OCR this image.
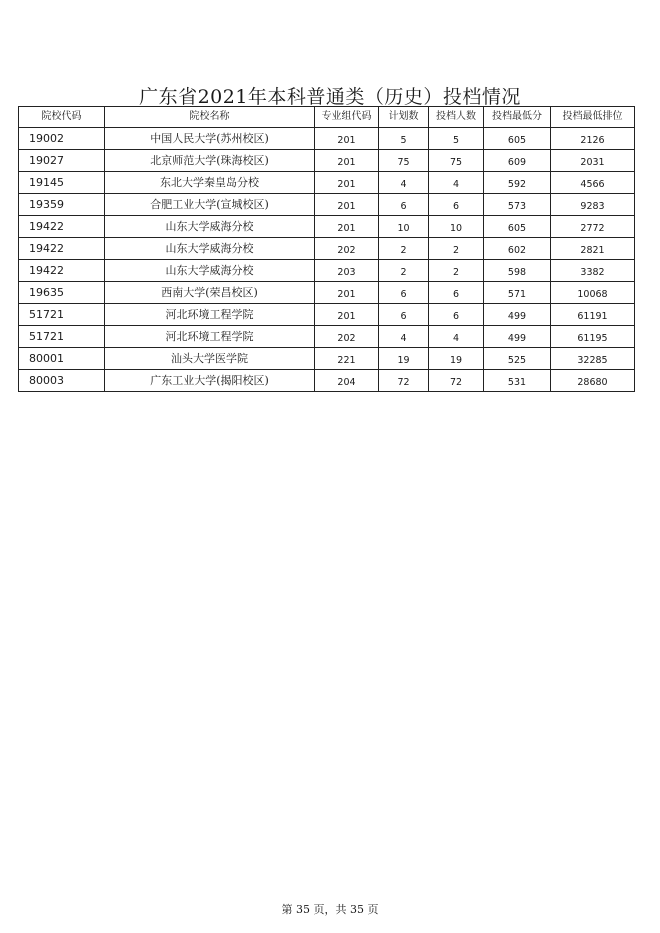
广东省2021年本科普通类（历史）投档情况
院校代码	院校名称	专业组代码	计划数	投档人数	投档最低分	投档最低排位
19002	中国人民大学(苏州校区)	201	5	5	605	2126
19027	北京师范大学(珠海校区)	201	75	75	609	2031
19145	东北大学秦皇岛分校	201	4	4	592	4566
19359	合肥工业大学(宣城校区)	201	6	6	573	9283
19422	山东大学威海分校	201	10	10	605	2772
19422	山东大学威海分校	202	2	2	602	2821
19422	山东大学威海分校	203	2	2	598	3382
19635	西南大学(荣昌校区)	201	6	6	571	10068
51721	河北环境工程学院	201	6	6	499	61191
51721	河北环境工程学院	202	4	4	499	61195
80001	汕头大学医学院	221	19	19	525	32285
80003	广东工业大学(揭阳校区)	204	72	72	531	28680
第 35 页，共 35 页
